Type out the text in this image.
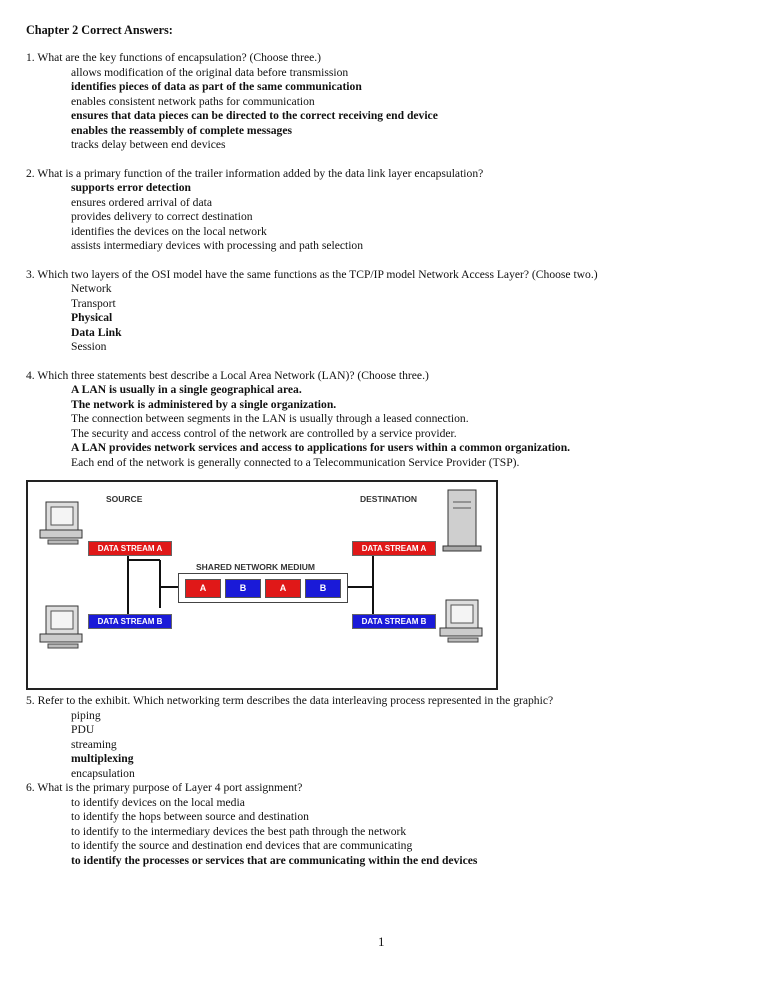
Chapter 2 Correct Answers:
1. What are the key functions of encapsulation? (Choose three.)
allows modification of the original data before transmission
identifies pieces of data as part of the same communication
enables consistent network paths for communication
ensures that data pieces can be directed to the correct receiving end device
enables the reassembly of complete messages
tracks delay between end devices
2. What is a primary function of the trailer information added by the data link layer encapsulation?
supports error detection
ensures ordered arrival of data
provides delivery to correct destination
identifies the devices on the local network
assists intermediary devices with processing and path selection
3. Which two layers of the OSI model have the same functions as the TCP/IP model Network Access Layer? (Choose two.)
Network
Transport
Physical
Data Link
Session
4. Which three statements best describe a Local Area Network (LAN)? (Choose three.)
A LAN is usually in a single geographical area.
The network is administered by a single organization.
The connection between segments in the LAN is usually through a leased connection.
The security and access control of the network are controlled by a service provider.
A LAN provides network services and access to applications for users within a common organization.
Each end of the network is generally connected to a Telecommunication Service Provider (TSP).
SOURCE	DESTINATION
DATA STREAM A
DATA STREAM B
DATA STREAM A
DATA STREAM B
SHARED NETWORK MEDIUM
A	B	A	B
5. Refer to the exhibit. Which networking term describes the data interleaving process represented in the graphic?
piping
PDU
streaming
multiplexing
encapsulation
6. What is the primary purpose of Layer 4 port assignment?
to identify devices on the local media
to identify the hops between source and destination
to identify to the intermediary devices the best path through the network
to identify the source and destination end devices that are communicating
to identify the processes or services that are communicating within the end devices
1
